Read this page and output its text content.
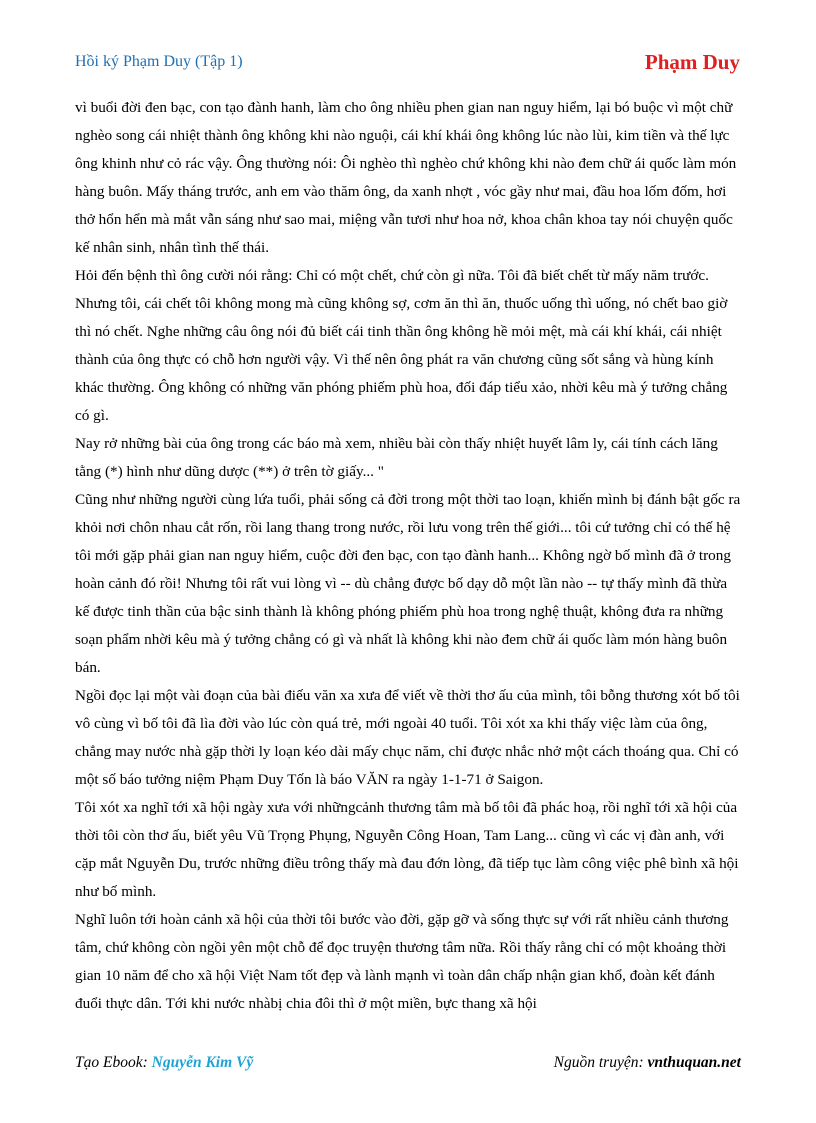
Hồi ký Phạm Duy (Tập 1)	Phạm Duy

vì buổi đời đen bạc, con tạo đành hanh, làm cho ông nhiều phen gian nan nguy hiểm, lại bó buộc vì một chữ nghèo song cái nhiệt thành ông không khi nào nguội, cái khí khái ông không lúc nào lùi, kim tiền và thế lực ông khinh như cỏ rác vậy. Ông thường nói: Ôi nghèo thì nghèo chứ không khi nào đem chữ ái quốc làm món hàng buôn. Mấy tháng trước, anh em vào thăm ông, da xanh nhợt , vóc gầy như mai, đầu hoa lốm đốm, hơi thở hổn hển mà mắt vẫn sáng như sao mai, miệng vẫn tươi như hoa nở, khoa chân khoa tay nói chuyện quốc kế nhân sinh, nhân tình thế thái.

Hỏi đến bệnh thì ông cười nói rằng: Chỉ có một chết, chứ còn gì nữa. Tôi đã biết chết từ mấy năm trước. Nhưng tôi, cái chết tôi không mong mà cũng không sợ, cơm ăn thì ăn, thuốc uống thì uống, nó chết bao giờ thì nó chết. Nghe những câu ông nói đủ biết cái tinh thần ông không hề mỏi mệt, mà cái khí khái, cái nhiệt thành của ông thực có chỗ hơn người vậy. Vì thế nên ông phát ra văn chương cũng sốt sắng và hùng kính khác thường. Ông không có những văn phóng phiếm phù hoa, đối đáp tiểu xảo, nhời kêu mà ý tưởng chẳng có gì.

Nay rở những bài của ông trong các báo mà xem, nhiều bài còn thấy nhiệt huyết lâm ly, cái tính cách lăng tằng (*) hình như dũng dược (**) ở trên tờ giấy... "

Cũng như những người cùng lứa tuổi, phải sống cả đời trong một thời tao loạn, khiến mình bị đánh bật gốc ra khỏi nơi chôn nhau cắt rốn, rồi lang thang trong nước, rồi lưu vong trên thế giới... tôi cứ tưởng chỉ có thế hệ tôi mới gặp phải gian nan nguy hiểm, cuộc đời đen bạc, con tạo đành hanh... Không ngờ bố mình đã ở trong hoàn cảnh đó rồi! Nhưng tôi rất vui lòng vì -- dù chẳng được bố dạy dỗ một lần nào -- tự thấy mình đã thừa kế được tinh thần của bậc sinh thành là không phóng phiếm phù hoa trong nghệ thuật, không đưa ra những soạn phẩm nhời kêu mà ý tưởng chẳng có gì và nhất là không khi nào đem chữ ái quốc làm món hàng buôn bán.

Ngồi đọc lại một vài đoạn của bài điếu văn xa xưa để viết về thời thơ ấu của mình, tôi bỗng thương xót bố tôi vô cùng vì bố tôi đã lìa đời vào lúc còn quá trẻ, mới ngoài 40 tuổi. Tôi xót xa khi thấy việc làm của ông, chẳng may nước nhà gặp thời ly loạn kéo dài mấy chục năm, chỉ được nhắc nhở một cách thoáng qua. Chỉ có một số báo tưởng niệm Phạm Duy Tốn là báo VĂN ra ngày 1-1-71 ở Saigon.

Tôi xót xa nghĩ tới xã hội ngày xưa với nhữngcảnh thương tâm mà bố tôi đã phác hoạ, rồi nghĩ tới xã hội của thời tôi còn thơ ấu, biết yêu Vũ Trọng Phụng, Nguyễn Công Hoan, Tam Lang... cũng vì các vị đàn anh, với cặp mắt Nguyễn Du, trước những điều trông thấy mà đau đớn lòng, đã tiếp tục làm công việc phê bình xã hội như bố mình.

Nghĩ luôn tới hoàn cảnh xã hội của thời tôi bước vào đời, gặp gỡ và sống thực sự với rất nhiều cảnh thương tâm, chứ không còn ngồi yên một chỗ để đọc truyện thương tâm nữa. Rồi thấy rằng chỉ có một khoảng thời gian 10 năm để cho xã hội Việt Nam tốt đẹp và lành mạnh vì toàn dân chấp nhận gian khổ, đoàn kết đánh đuổi thực dân. Tới khi nước nhàbị chia đôi thì ở một miền, bực thang xã hội

Tạo Ebook: Nguyễn Kim Vỹ	Nguồn truyện: vnthuquan.net
